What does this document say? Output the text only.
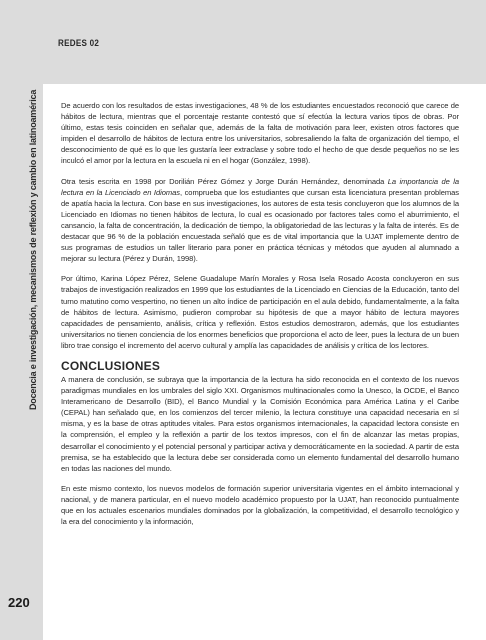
REDES 02
Docencia e investigación, mecanismos de reflexión y cambio en latinoamérica
220

De acuerdo con los resultados de estas investigaciones, 48 % de los estudiantes encuestados reconoció que carece de hábitos de lectura, mientras que el porcentaje restante contestó que sí efectúa la lectura varios tipos de obras. Por último, estas tesis coinciden en señalar que, además de la falta de motivación para leer, existen otros factores que impiden el desarrollo de hábitos de lectura entre los universitarios, sobresaliendo la falta de organización del tiempo, el desconocimiento de qué es lo que les gustaría leer extraclase y sobre todo el hecho de que desde pequeños no se les inculcó el amor por la lectura en la escuela ni en el hogar (González, 1998).

Otra tesis escrita en 1998 por Dorilián Pérez Gómez y Jorge Durán Hernández, denominada La importancia de la lectura en la Licenciado en Idiomas, comprueba que los estudiantes que cursan esta licenciatura presentan problemas de apatía hacia la lectura. Con base en sus investigaciones, los autores de esta tesis concluyeron que los alumnos de la Licenciado en Idiomas no tienen hábitos de lectura, lo cual es ocasionado por factores tales como el aburrimiento, el cansancio, la falta de concentración, la dedicación de tiempo, la obligatoriedad de las lecturas y la falta de interés. Es de destacar que 96 % de la población encuestada señaló que es de vital importancia que la UJAT implemente dentro de sus programas de estudios un taller literario para poner en práctica técnicas y métodos que ayuden al alumnado a mejorar su lectura (Pérez y Durán, 1998).

Por último, Karina López Pérez, Selene Guadalupe Marín Morales y Rosa Isela Rosado Acosta concluyeron en sus trabajos de investigación realizados en 1999 que los estudiantes de la Licenciado en Ciencias de la Educación, tanto del turno matutino como vespertino, no tienen un alto índice de participación en el aula debido, fundamentalmente, a la falta de hábitos de lectura. Asimismo, pudieron comprobar su hipótesis de que a mayor hábito de lectura mayores capacidades de pensamiento, análisis, crítica y reflexión. Estos estudios demostraron, además, que los estudiantes universitarios no tienen conciencia de los enormes beneficios que proporciona el acto de leer, pues la lectura de un buen libro trae consigo el incremento del acervo cultural y amplía las capacidades de análisis y crítica de los lectores.

CONCLUSIONES

A manera de conclusión, se subraya que la importancia de la lectura ha sido reconocida en el contexto de los nuevos paradigmas mundiales en los umbrales del siglo XXI. Organismos multinacionales como la Unesco, la OCDE, el Banco Interamericano de Desarrollo (BID), el Banco Mundial y la Comisión Económica para América Latina y el Caribe (CEPAL) han señalado que, en los comienzos del tercer milenio, la lectura constituye una capacidad necesaria en sí misma, y es la base de otras aptitudes vitales. Para estos organismos internacionales, la capacidad lectora consiste en la comprensión, el empleo y la reflexión a partir de los textos impresos, con el fin de alcanzar las metas propias, desarrollar el conocimiento y el potencial personal y participar activa y democráticamente en la sociedad. A partir de esta premisa, se ha establecido que la lectura debe ser considerada como un elemento fundamental del desarrollo humano en todas las naciones del mundo.

En este mismo contexto, los nuevos modelos de formación superior universitaria vigentes en el ámbito internacional y nacional, y de manera particular, en el nuevo modelo académico propuesto por la UJAT, han reconocido puntualmente que en los actuales escenarios mundiales dominados por la globalización, la competitividad, el desarrollo tecnológico y la era del conocimiento y la información,
